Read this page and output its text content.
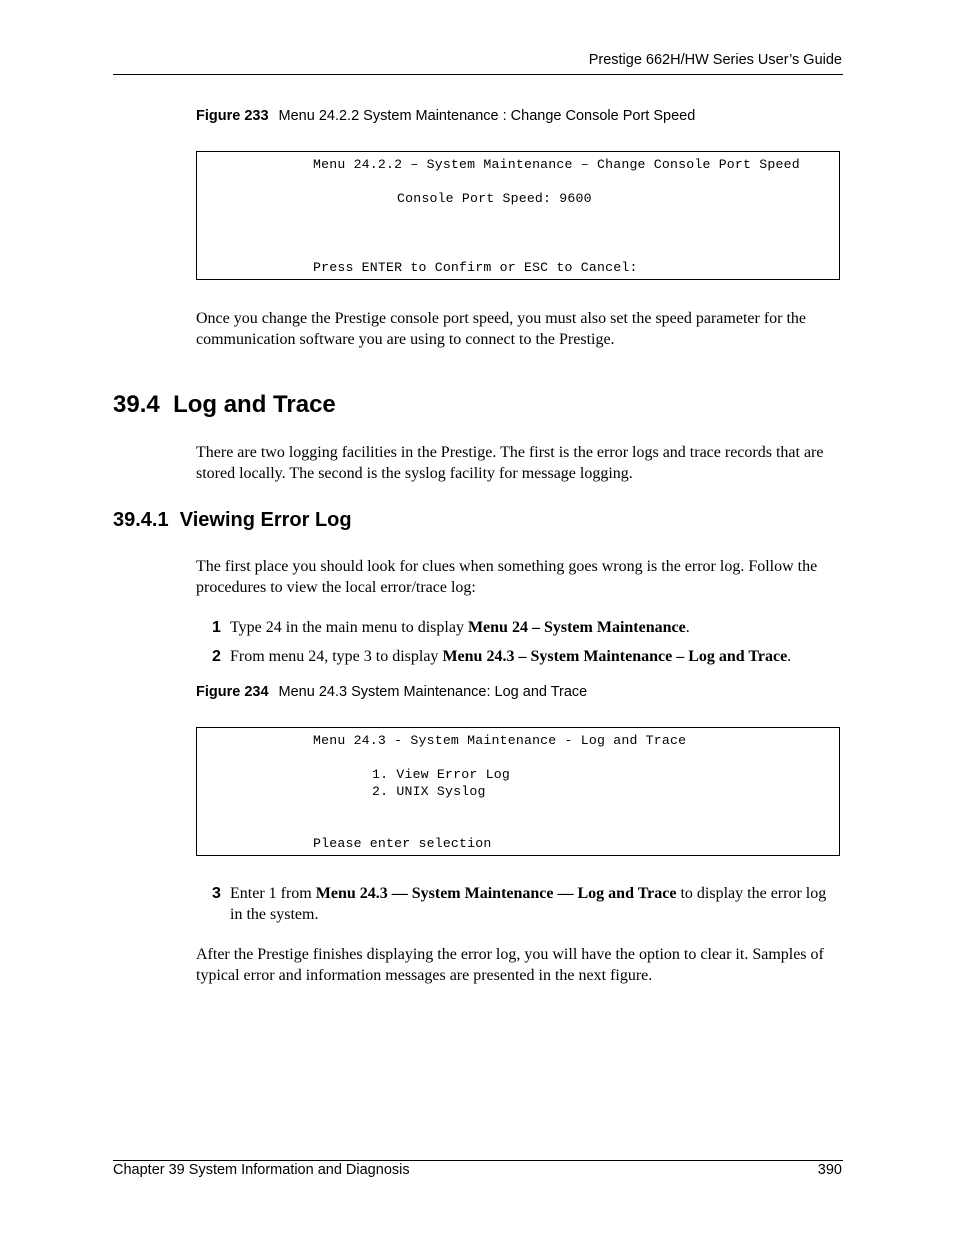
Prestige 662H/HW Series User’s Guide
Figure 233 Menu 24.2.2 System Maintenance : Change Console Port Speed
Menu 24.2.2 – System Maintenance – Change Console Port Speed
Console Port Speed: 9600
Press ENTER to Confirm or ESC to Cancel:
Once you change the Prestige console port speed, you must also set the speed parameter for the communication software you are using to connect to the Prestige.
39.4 Log and Trace
There are two logging facilities in the Prestige. The first is the error logs and trace records that are stored locally. The second is the syslog facility for message logging.
39.4.1 Viewing Error Log
The first place you should look for clues when something goes wrong is the error log. Follow the procedures to view the local error/trace log:
1 Type 24 in the main menu to display Menu 24 – System Maintenance.
2 From menu 24, type 3 to display Menu 24.3 – System Maintenance – Log and Trace.
Figure 234 Menu 24.3 System Maintenance: Log and Trace
Menu 24.3 - System Maintenance - Log and Trace
1. View Error Log
2. UNIX Syslog
Please enter selection
3 Enter 1 from Menu 24.3 — System Maintenance — Log and Trace to display the error log in the system.
After the Prestige finishes displaying the error log, you will have the option to clear it. Samples of typical error and information messages are presented in the next figure.
Chapter 39 System Information and Diagnosis	390
